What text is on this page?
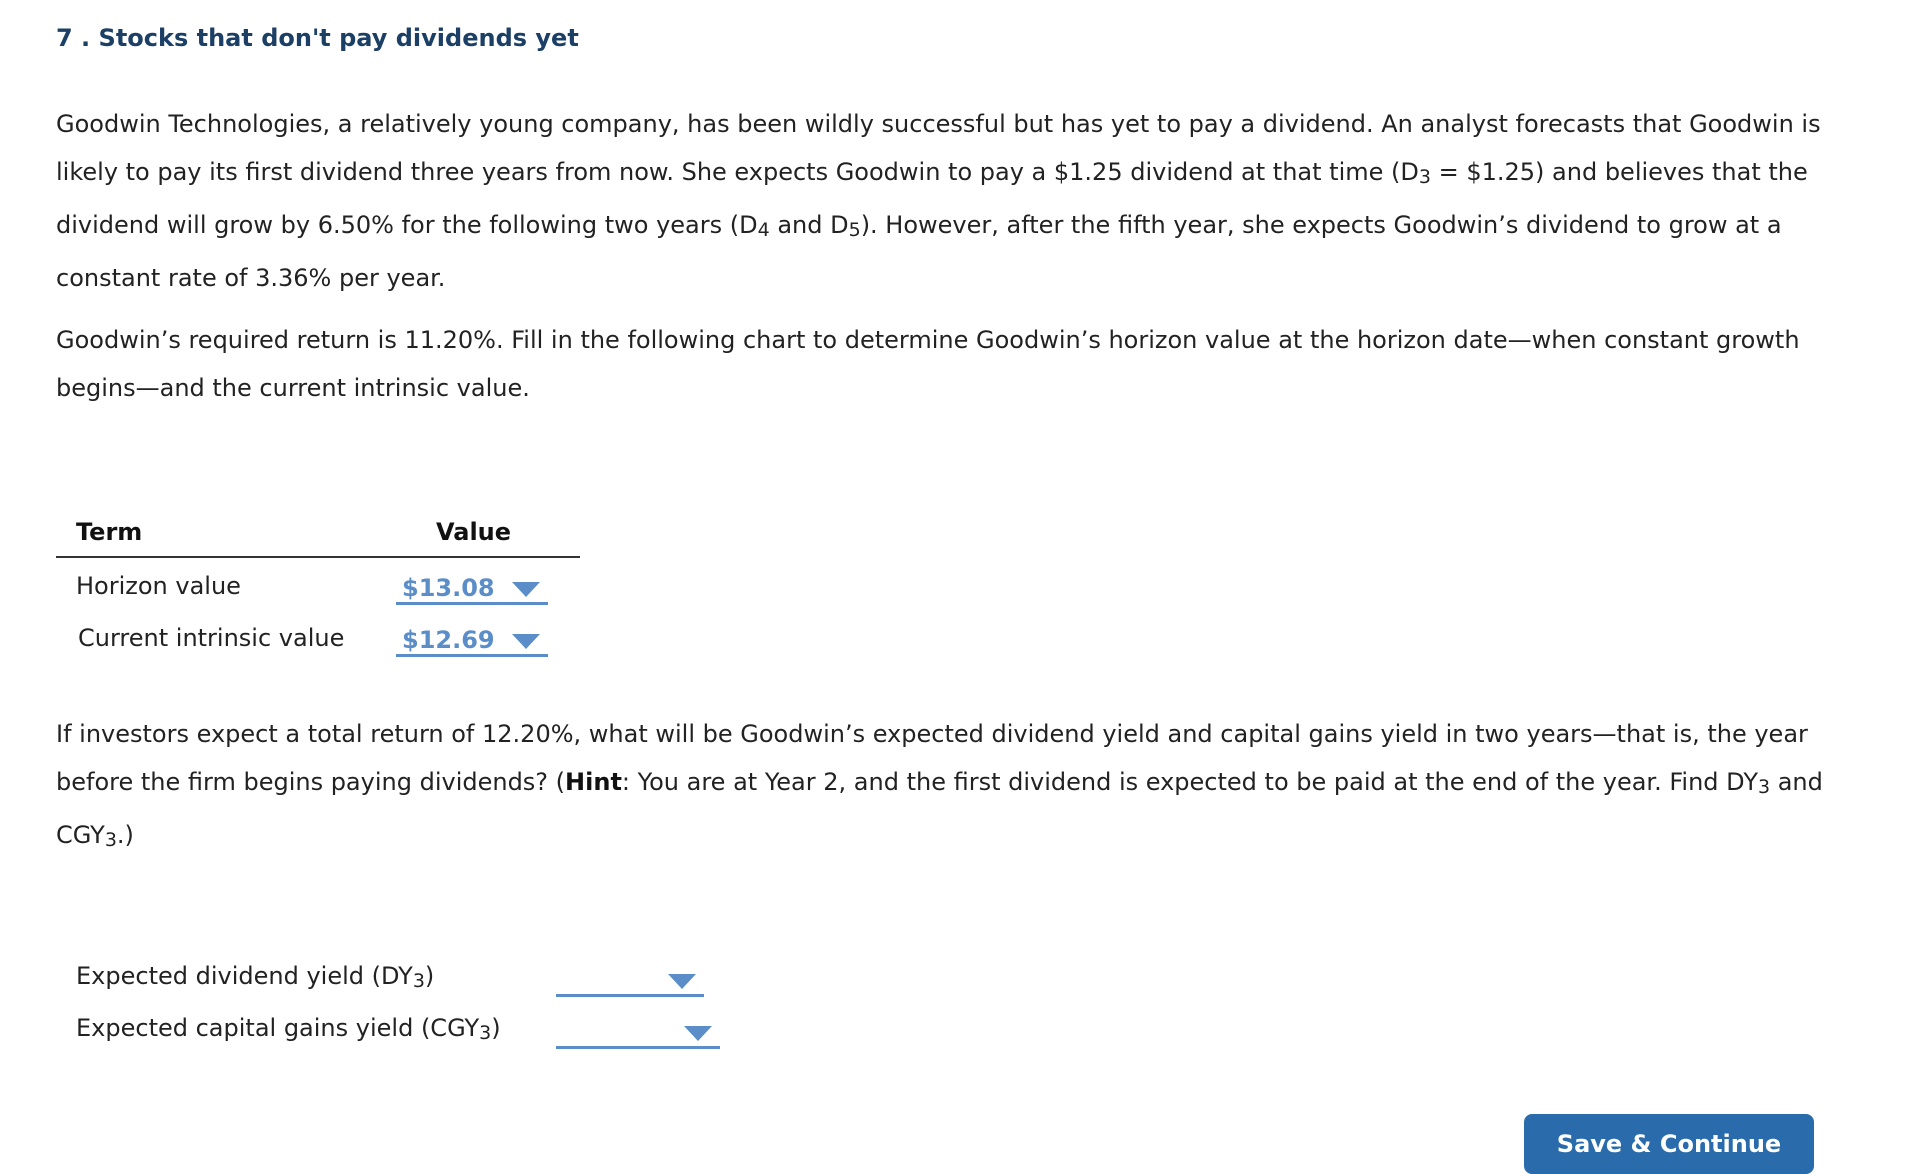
7 . Stocks that don't pay dividends yet
Goodwin Technologies, a relatively young company, has been wildly successful but has yet to pay a dividend. An analyst forecasts that Goodwin is likely to pay its first dividend three years from now. She expects Goodwin to pay a $1.25 dividend at that time (D3 = $1.25) and believes that the dividend will grow by 6.50% for the following two years (D4 and D5). However, after the fifth year, she expects Goodwin’s dividend to grow at a constant rate of 3.36% per year.
Goodwin’s required return is 11.20%. Fill in the following chart to determine Goodwin’s horizon value at the horizon date—when constant growth begins—and the current intrinsic value.
Term	Value
Horizon value	$13.08
Current intrinsic value $12.69
If investors expect a total return of 12.20%, what will be Goodwin’s expected dividend yield and capital gains yield in two years—that is, the year before the firm begins paying dividends? (Hint: You are at Year 2, and the first dividend is expected to be paid at the end of the year. Find DY3 and CGY3.)
Expected dividend yield (DY3)
Expected capital gains yield (CGY3)
Save & Continue
